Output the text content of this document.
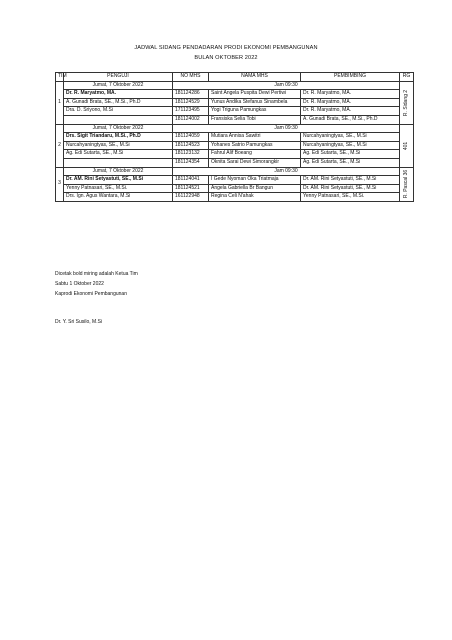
JADWAL SIDANG PENDADARAN PRODI EKONOMI PEMBANGUNAN
BULAN OKTOBER 2022
TIM	PENGUJI	NO MHS	NAMA MHS	PEMBIMBING	RG
1	Jumat, 7 Oktober 2022	Jam 09:30			R. Sidang 2

	Dr. R. Maryatmo, MA.	181124286	Saint Angela Puspita Dewi Pertiwi	Dr. R. Maryatmo, MA.	
	A. Gunadi Brata, SE., M.Si., Ph.D	181124529	Yunus Andika Stefanus Sinambela	Dr. R. Maryatmo, MA.	
	Dra. D. Sriyono, M.Si	171123495	Yogi Triguna Pamungkas	Dr. R. Maryatmo, MA.	
		181124002	Fransiska Selia Tobi	A. Gunadi Brata, SE., M.Si., Ph.D	
2	Jumat, 7 Oktober 2022	Jam 09:30			401

	Drs. Sigit Triandaru, M.Si., Ph.D	181124059	Mutiara Annisa Sawitri	Nurcahyaningtyas, SE., M.Si	
	Nurcahyaningtyas, SE., M.Si	181124523	Yohanes Satrio Pamungkas	Nurcahyaningtyas, SE., M.Si	
	Ag. Edi Sutarta, SE., M.Si	181123132	Fahrul Alif Boeang	Ag. Edi Sutarta, SE., M.Si	
		181124354	Oknita Sarai Dewi Simorangkir	Ag. Edi Sutarta, SE., M.Si	
3	Jumat, 7 Oktober 2022	Jam 09:30			R. Pascal 36

	Dr. AM. Rini Setyastuti, SE., M.Si	181124041	I Gede Nyoman Oka Triatmaja	Dr. AM. Rini Setyastuti, SE., M.Si	
	Yenny Patnasari, SE., M.Si.	181124521	Angela Gabriella Br Bangun	Dr. AM. Rini Setyastuti, SE., M.Si	
	Drs. Ign. Agus Wantara, M.Si	161122948	Regina Celi N'ahak	Yenny Patnasari, SE., M.Si.	
Dicetak bold miring adalah Ketua Tim
Sabtu 1 Oktober 2022
Kaprodi Ekonomi Pembangunan
Dr. Y. Sri Susilo, M.Si
